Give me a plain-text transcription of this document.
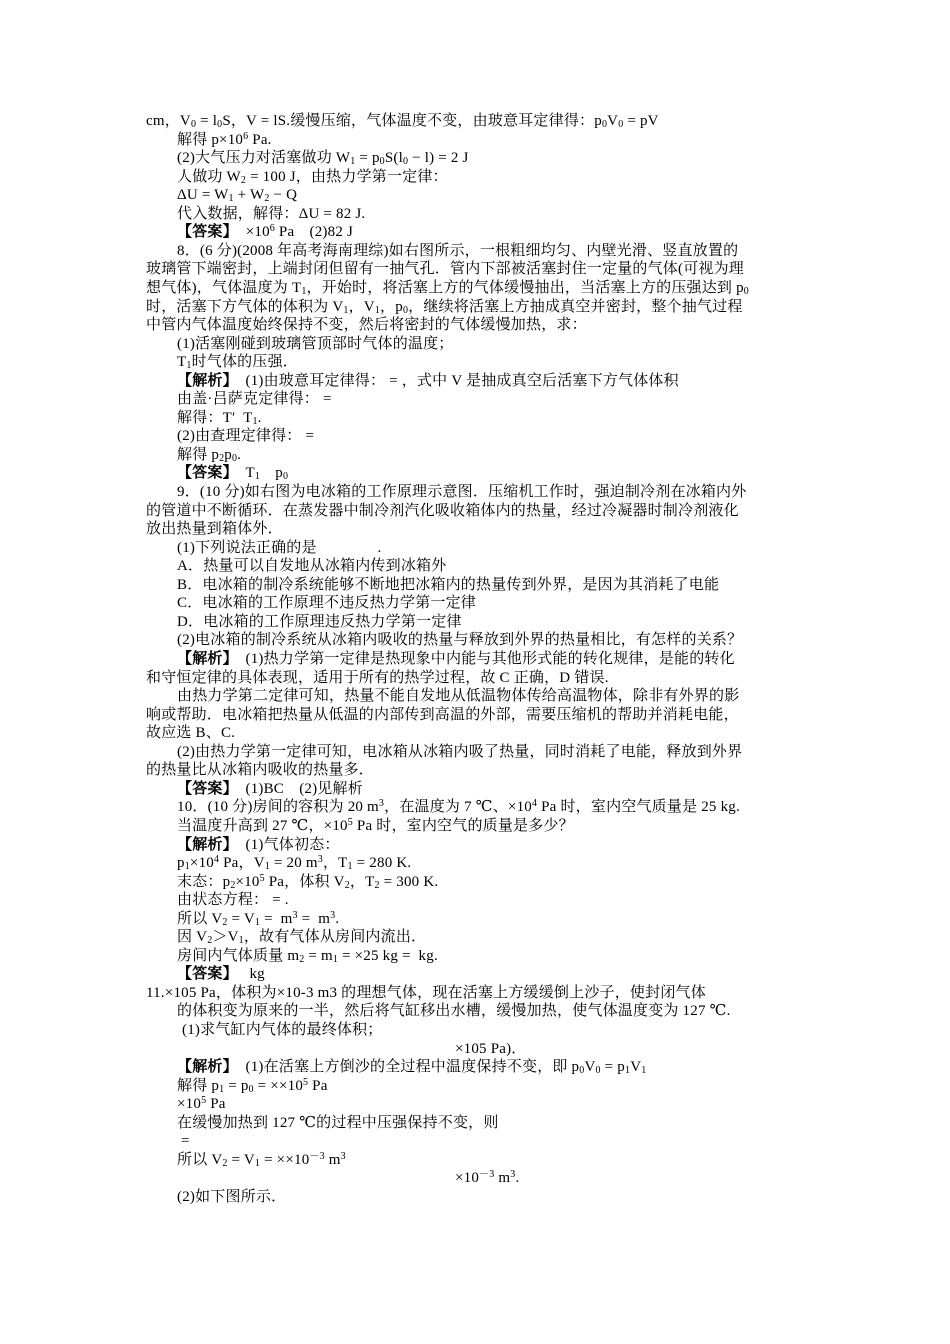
cm，$V_0 = l_0S$，V = lS.缓慢压缩，气体温度不变，由玻意耳定律得：$p_0V_0$ = pV
解得 $p\times 10^6$ Pa.
(2)大气压力对活塞做功 $W_1 = p_0S(l_0 - l) = 2$ J
人做功 $W_2 = 100$ J，由热力学第一定律：
$\Delta U = W_1 + W_2 - Q$
代入数据，解得：ΔU = 82 J.
【答案】  $\times 10^6$ Pa　(2)82 J
8．(6 分)(2008 年高考海南理综)如右图所示，一根粗细均匀、内壁光滑、竖直放置的
玻璃管下端密封，上端封闭但留有一抽气孔．管内下部被活塞封住一定量的气体(可视为理
想气体)，气体温度为 $T_1$，开始时，将活塞上方的气体缓慢抽出，当活塞上方的压强达到 $p_0$
时，活塞下方气体的体积为 $V_1$，$V_1$，$p_0$，继续将活塞上方抽成真空并密封，整个抽气过程
中管内气体温度始终保持不变，然后将密封的气体缓慢加热，求：
(1)活塞刚碰到玻璃管顶部时气体的温度；
$T_1$时气体的压强．
【解析】　(1)由玻意耳定律得： = ，式中 V 是抽成真空后活塞下方气体体积
由盖·吕萨克定律得： =
解得：T′  $T_1$.
(2)由查理定律得： =
解得 $p_2p_0$.
【答案】　$T_1$　$p_0$
9．(10 分)如右图为电冰箱的工作原理示意图．压缩机工作时，强迫制冷剂在冰箱内外
的管道中不断循环．在蒸发器中制冷剂汽化吸收箱体内的热量，经过冷凝器时制冷剂液化
放出热量到箱体外．
(1)下列说法正确的是　　　　.
A．热量可以自发地从冰箱内传到冰箱外
B．电冰箱的制冷系统能够不断地把冰箱内的热量传到外界，是因为其消耗了电能
C．电冰箱的工作原理不违反热力学第一定律
D．电冰箱的工作原理违反热力学第一定律
(2)电冰箱的制冷系统从冰箱内吸收的热量与释放到外界的热量相比，有怎样的关系？
【解析】　(1)热力学第一定律是热现象中内能与其他形式能的转化规律，是能的转化
和守恒定律的具体表现，适用于所有的热学过程，故 C 正确，D 错误.
由热力学第二定律可知，热量不能自发地从低温物体传给高温物体，除非有外界的影
响或帮助．电冰箱把热量从低温的内部传到高温的外部，需要压缩机的帮助并消耗电能，
故应选 B、C.
(2)由热力学第一定律可知，电冰箱从冰箱内吸了热量，同时消耗了电能，释放到外界
的热量比从冰箱内吸收的热量多．
【答案】　(1)BC　(2)见解析
10．(10 分)房间的容积为 20 $m^3$，在温度为 7 ℃、$\times 10^4$ Pa 时，室内空气质量是 25 kg.
当温度升高到 27 ℃，$\times 10^5$ Pa 时，室内空气的质量是多少？
【解析】　(1)气体初态：
$p_1\times 10^4$ Pa，$V_1 = 20$ $m^3$，$T_1 = 280$ K.
末态：$p_2\times 10^5$ Pa，体积 $V_2$，$T_2 = 300$ K.
由状态方程： = .
所以 $V_2 = V_1 = m^3 = m^3$.
因 $V_2>V_1$，故有气体从房间内流出．
房间内气体质量 $m_2 = m_1 = \times 25$ kg =  kg.
【答案】　 kg
11.×105 Pa，体积为×10-3 m3 的理想气体，现在活塞上方缓缓倒上沙子，使封闭气体
的体积变为原来的一半，然后将气缸移出水槽，缓慢加热，使气体温度变为 127 ℃.
(1)求气缸内气体的最终体积；
×105 Pa)．
【解析】　(1)在活塞上方倒沙的全过程中温度保持不变，即 $p_0V_0 = p_1V_1$
解得 $p_1 = p_0 = \times\times 10^5$ Pa
$\times 10^5$ Pa
在缓慢加热到 127 ℃的过程中压强保持不变，则
=
所以 $V_2 = V_1 = \times\times 10^{-3}$ $m^3$
$\times 10^{-3}$ $m^3$.
(2)如下图所示．
